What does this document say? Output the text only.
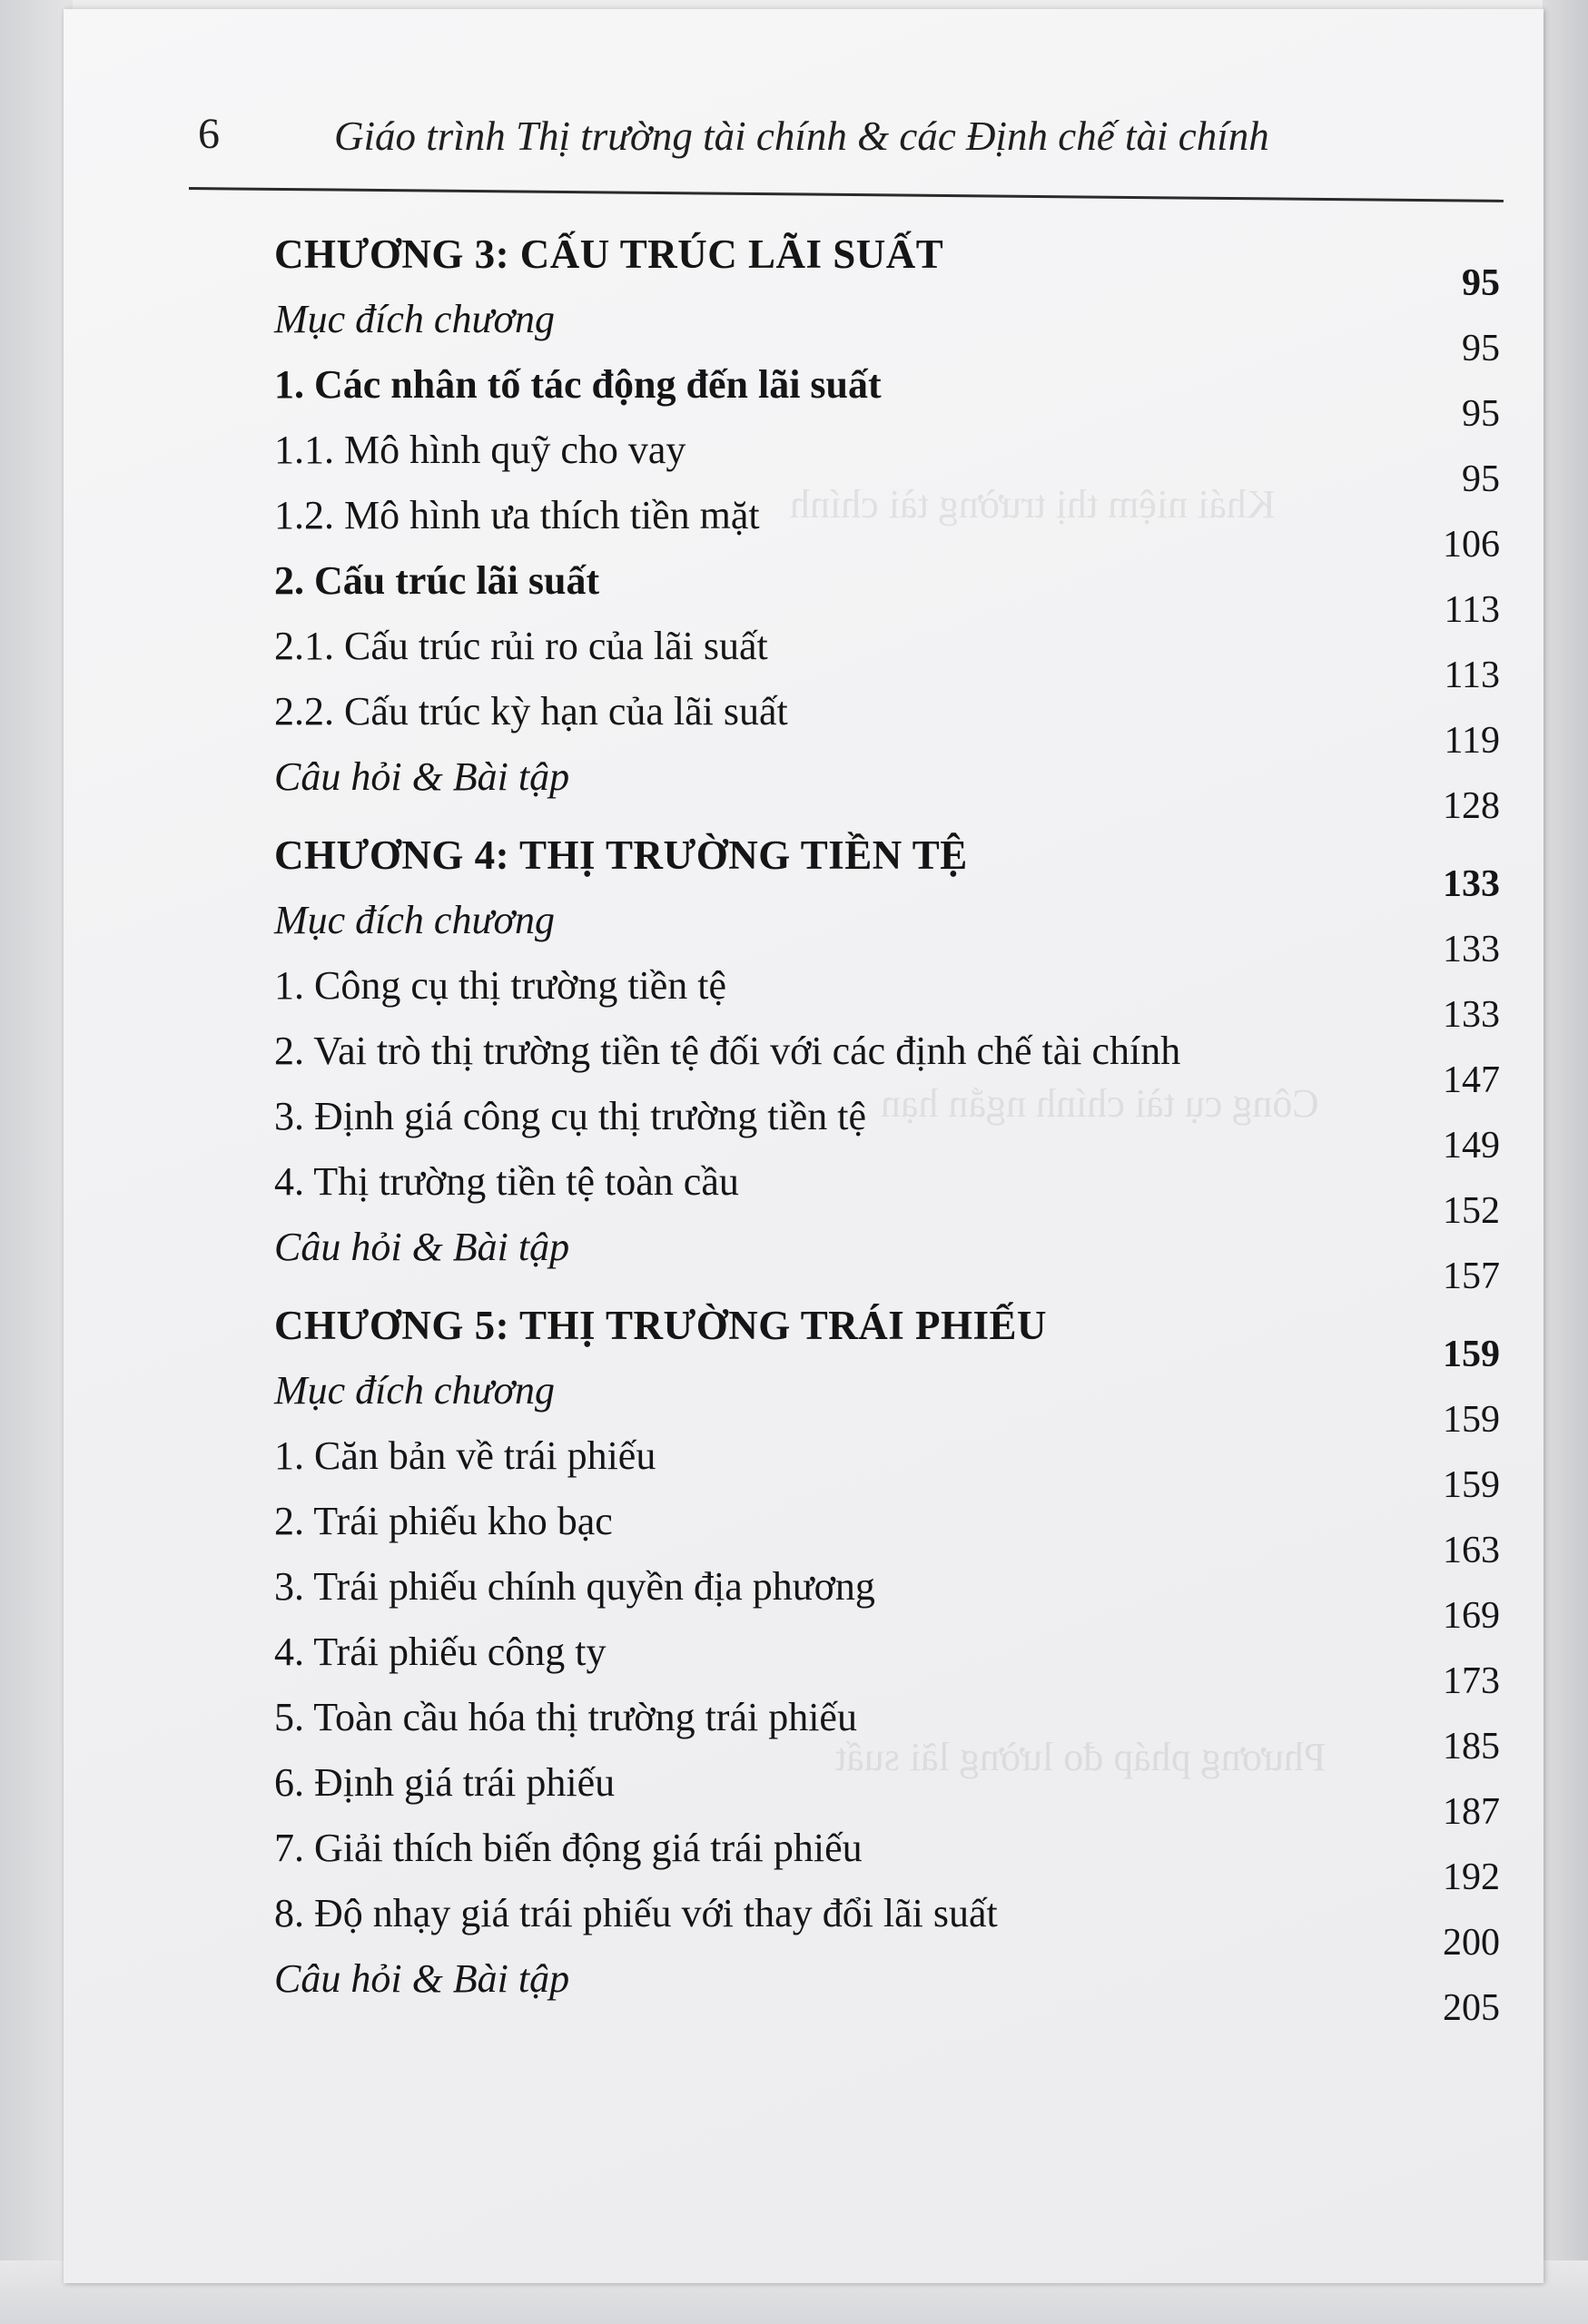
Khái niệm thị trường tài chính
Công cụ tài chính ngắn hạn
Phương pháp đo lường lãi suất
6	Giáo trình Thị trường tài chính & các Định chế tài chính
CHƯƠNG 3: CẤU TRÚC LÃI SUẤT
95
Mục đích chương
95
1. Các nhân tố tác động đến lãi suất
95
1.1. Mô hình quỹ cho vay
95
1.2. Mô hình ưa thích tiền mặt
106
2. Cấu trúc lãi suất
113
2.1. Cấu trúc rủi ro của lãi suất
113
2.2. Cấu trúc kỳ hạn của lãi suất
119
Câu hỏi & Bài tập
128
CHƯƠNG 4: THỊ TRƯỜNG TIỀN TỆ
133
Mục đích chương
133
1. Công cụ thị trường tiền tệ
133
2. Vai trò thị trường tiền tệ đối với các định chế tài chính
147
3. Định giá công cụ thị trường tiền tệ
149
4. Thị trường tiền tệ toàn cầu
152
Câu hỏi & Bài tập
157
CHƯƠNG 5: THỊ TRƯỜNG TRÁI PHIẾU
159
Mục đích chương
159
1. Căn bản về trái phiếu
159
2. Trái phiếu kho bạc
163
3. Trái phiếu chính quyền địa phương
169
4. Trái phiếu công ty
173
5. Toàn cầu hóa thị trường trái phiếu
185
6. Định giá trái phiếu
187
7. Giải thích biến động giá trái phiếu
192
8. Độ nhạy giá trái phiếu với thay đổi lãi suất
200
Câu hỏi & Bài tập
205
